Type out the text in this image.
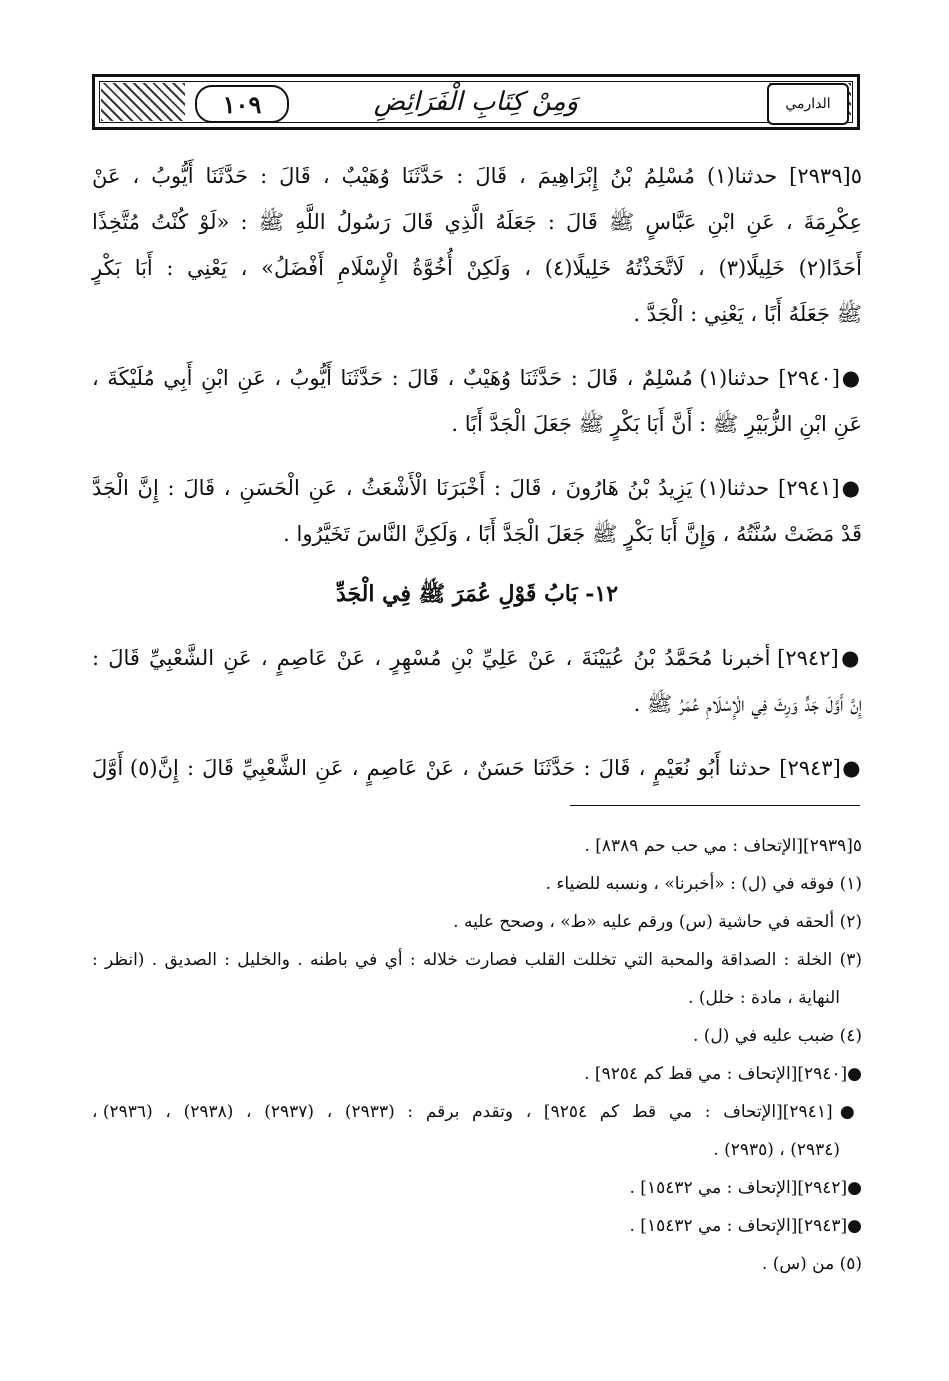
١٠٩	وَمِنْ كِتَابِ الْفَرَائِضِ	الدارمي
٥[٢٩٣٩] حدثنا(١) مُسْلِمُ بْنُ إِبْرَاهِيمَ ، قَالَ : حَدَّثَنَا وُهَيْبٌ ، قَالَ : حَدَّثَنَا أَيُّوبُ ، عَنْ
عِكْرِمَةَ ، عَنِ ابْنِ عَبَّاسٍ ﷺ قَالَ : جَعَلَهُ الَّذِي قَالَ رَسُولُ اللَّهِ ﷺ : «لَوْ كُنْتُ مُتَّخِذًا
أَحَدًا(٢) خَلِيلًا(٣) ، لَاتَّخَذْتُهُ خَلِيلًا(٤) ، وَلَكِنْ أُخُوَّةُ الْإِسْلَامِ أَفْضَلُ» ، يَعْنِي : أَبَا بَكْرٍ
ﷺ جَعَلَهُ أَبًا ، يَعْنِي : الْجَدَّ .
●[٢٩٤٠] حدثنا(١) مُسْلِمٌ ، قَالَ : حَدَّثَنَا وُهَيْبٌ ، قَالَ : حَدَّثَنَا أَيُّوبُ ، عَنِ ابْنِ أَبِي مُلَيْكَةَ ،
عَنِ ابْنِ الزُّبَيْرِ ﷺ : أَنَّ أَبَا بَكْرٍ ﷺ جَعَلَ الْجَدَّ أَبًا .
●[٢٩٤١] حدثنا(١) يَزِيدُ بْنُ هَارُونَ ، قَالَ : أَخْبَرَنَا الْأَشْعَثُ ، عَنِ الْحَسَنِ ، قَالَ : إِنَّ الْجَدَّ
قَدْ مَضَتْ سُنَّتُهُ ، وَإِنَّ أَبَا بَكْرٍ ﷺ جَعَلَ الْجَدَّ أَبًا ، وَلَكِنَّ النَّاسَ تَخَيَّرُوا .
١٢- بَابُ قَوْلِ عُمَرَ ﷺ فِي الْجَدِّ
●[٢٩٤٢] أخبرنا مُحَمَّدُ بْنُ عُيَيْنَةَ ، عَنْ عَلِيِّ بْنِ مُسْهِرٍ ، عَنْ عَاصِمٍ ، عَنِ الشَّعْبِيِّ قَالَ :
إِنَّ أَوَّلَ جَدٍّ وَرِثَ فِي الْإِسْلَامِ عُمَرُ ﷺ .
●[٢٩٤٣] حدثنا أَبُو نُعَيْمٍ ، قَالَ : حَدَّثَنَا حَسَنٌ ، عَنْ عَاصِمٍ ، عَنِ الشَّعْبِيِّ قَالَ : إِنَّ(٥) أَوَّلَ
٥[٢٩٣٩][الإتحاف : مي حب حم ٨٣٨٩] .
(١) فوقه في (ل) : «أخبرنا» ، ونسبه للضياء .
(٢) ألحقه في حاشية (س) ورقم عليه «ط» ، وصحح عليه .
(٣) الخلة : الصداقة والمحبة التي تخللت القلب فصارت خلاله : أي في باطنه . والخليل : الصديق . (انظر :
النهاية ، مادة : خلل) .
(٤) ضبب عليه في (ل) .
●[٢٩٤٠][الإتحاف : مي قط كم ٩٢٥٤] .
●[٢٩٤١][الإتحاف : مي قط كم ٩٢٥٤] ، وتقدم برقم : (٢٩٣٣) ، (٢٩٣٧) ، (٢٩٣٨) ، (٢٩٣٦) ،
(٢٩٣٤) ، (٢٩٣٥) .
●[٢٩٤٢][الإتحاف : مي ١٥٤٣٢] .
●[٢٩٤٣][الإتحاف : مي ١٥٤٣٢] .
(٥) من (س) .
